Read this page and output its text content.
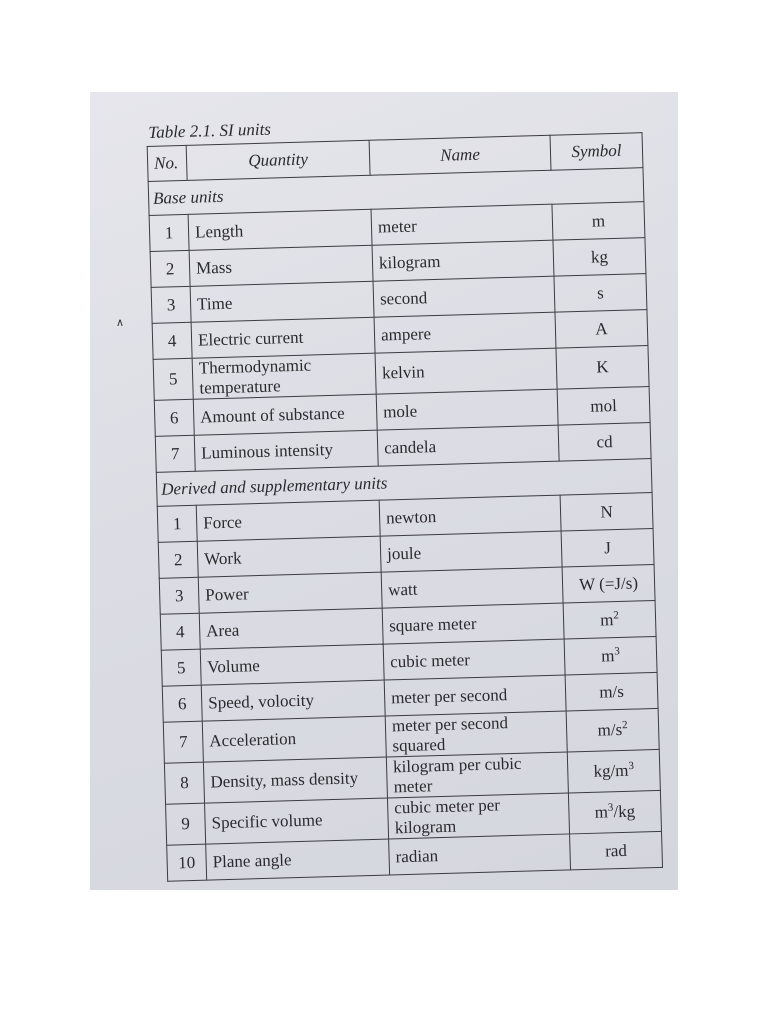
∧
Table 2.1. SI units
No.	Quantity	Name	Symbol
Base units			
1	Length	meter	m
2	Mass	kilogram	kg
3	Time	second	s
4	Electric current	ampere	A
5	Thermodynamic temperature	kelvin	K
6	Amount of substance	mole	mol
7	Luminous intensity	candela	cd
Derived and supplementary units			
1	Force	newton	N
2	Work	joule	J
3	Power	watt	W (=J/s)
4	Area	square meter	$m^2$
5	Volume	cubic meter	$m^3$
6	Speed, volocity	meter per second	m/s
7	Acceleration	meter per second squared	$m/s^2$
8	Density, mass density	kilogram per cubic meter	$kg/m^3$
9	Specific volume	cubic meter per kilogram	$m^3/kg$
10	Plane angle	radian	rad
